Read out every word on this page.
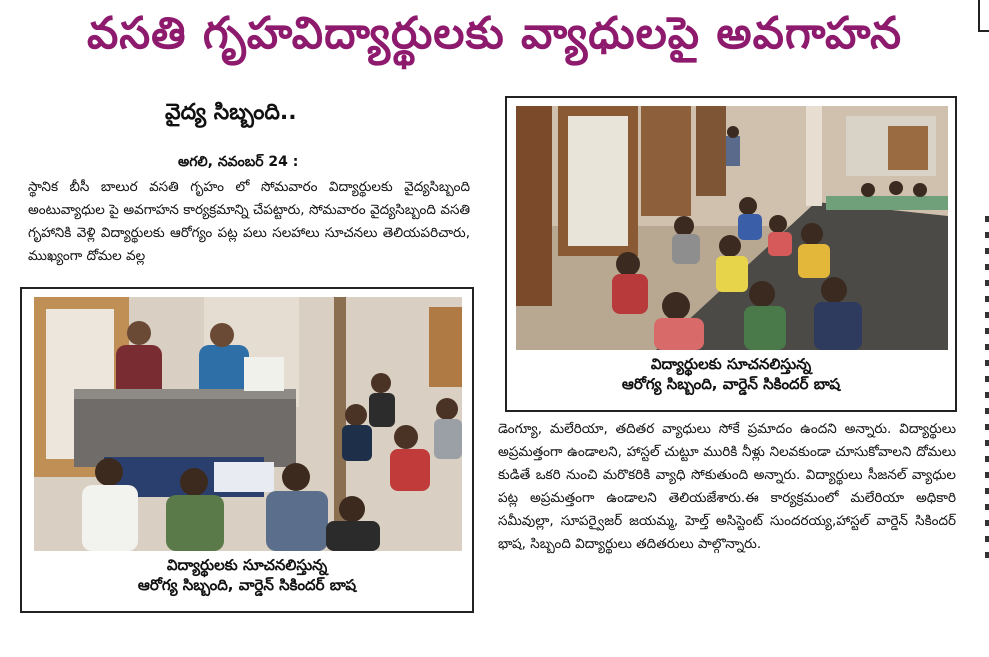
వసతి గృహవిద్యార్థులకు వ్యాధులపై అవగాహన
వైద్య సిబ్బంది..
అగలి, నవంబర్ 24 :
స్థానిక బీసీ బాలుర వసతి గృహం లో సోమవారం విద్యార్థులకు వైద్యసిబ్బంది అంటువ్యాధుల పై అవగాహన కార్యక్రమాన్ని చేపట్టారు, సోమవారం వైద్యసిబ్బంది వసతి గృహానికి వెళ్లి విద్యార్థులకు ఆరోగ్యం పట్ల పలు సలహాలు సూచనలు తెలియపరిచారు, ముఖ్యంగా దోమల వల్ల
విద్యార్థులకు సూచనలిస్తున్న
ఆరోగ్య సిబ్బంది, వార్డెన్ సికిందర్ బాష
విద్యార్థులకు సూచనలిస్తున్న
ఆరోగ్య సిబ్బంది, వార్డెన్ సికిందర్ బాష
డెంగ్యూ, మలేరియా, తదితర వ్యాధులు సోకే ప్రమాదం ఉందని అన్నారు. విద్యార్థులు అప్రమత్తంగా ఉండాలని, హాస్టల్ చుట్టూ మురికి నీళ్లు నిలవకుండా చూసుకోవాలని దోమలు కుడితే ఒకరి నుంచి మరొకరికి వ్యాధి సోకుతుంది అన్నారు. విద్యార్థులు సీజనల్ వ్యాధుల పట్ల అప్రమత్తంగా ఉండాలని తెలియజేశారు.ఈ కార్యక్రమంలో మలేరియా అధికారి సమీవుల్లా, సూపర్వైజర్ జయమ్మ, హెల్త్ అసిస్టెంట్ సుందరయ్య,హాస్టల్ వార్డెన్ సికిందర్ భాష, సిబ్బంది విద్యార్థులు తదితరులు పాల్గొన్నారు.
